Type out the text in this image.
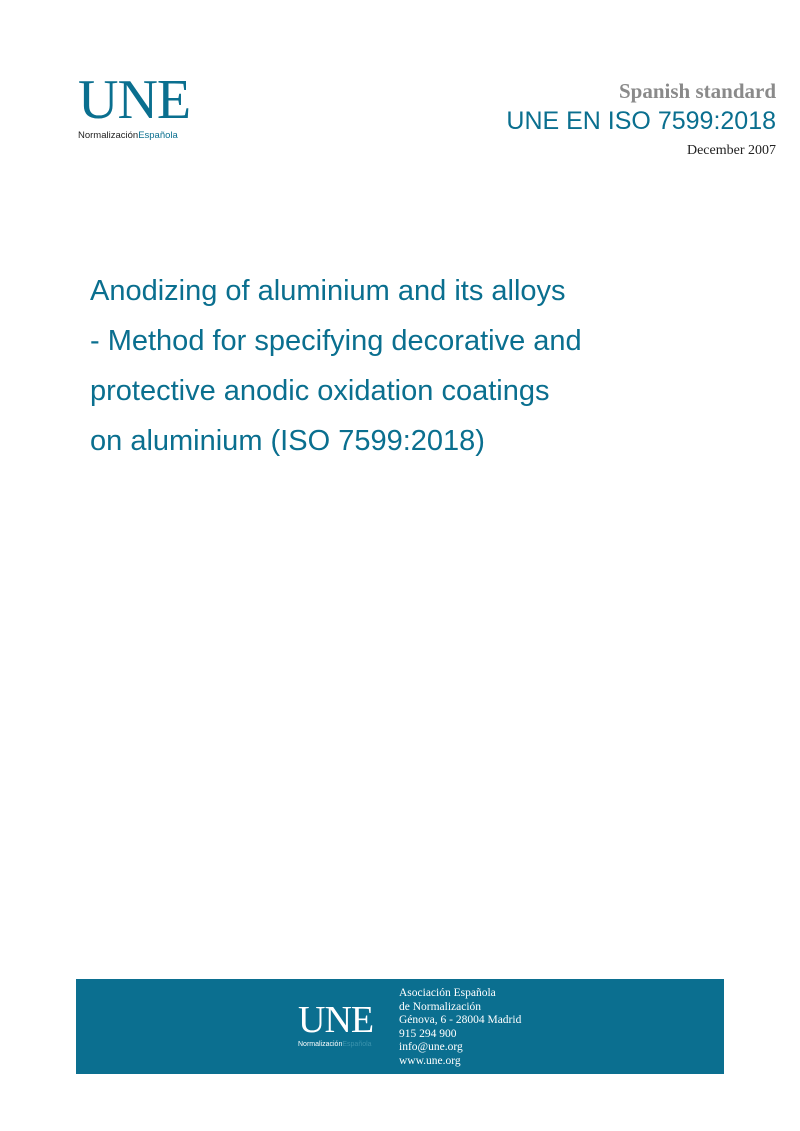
UNE
NormalizaciónEspañola
Spanish standard
UNE EN ISO 7599:2018
December 2007
Anodizing of aluminium and its alloys
- Method for specifying decorative and
protective anodic oxidation coatings
on aluminium (ISO 7599:2018)
UNE
NormalizaciónEspañola
Asociación Española
de Normalización
Génova, 6 - 28004 Madrid
915 294 900
info@une.org
www.une.org
